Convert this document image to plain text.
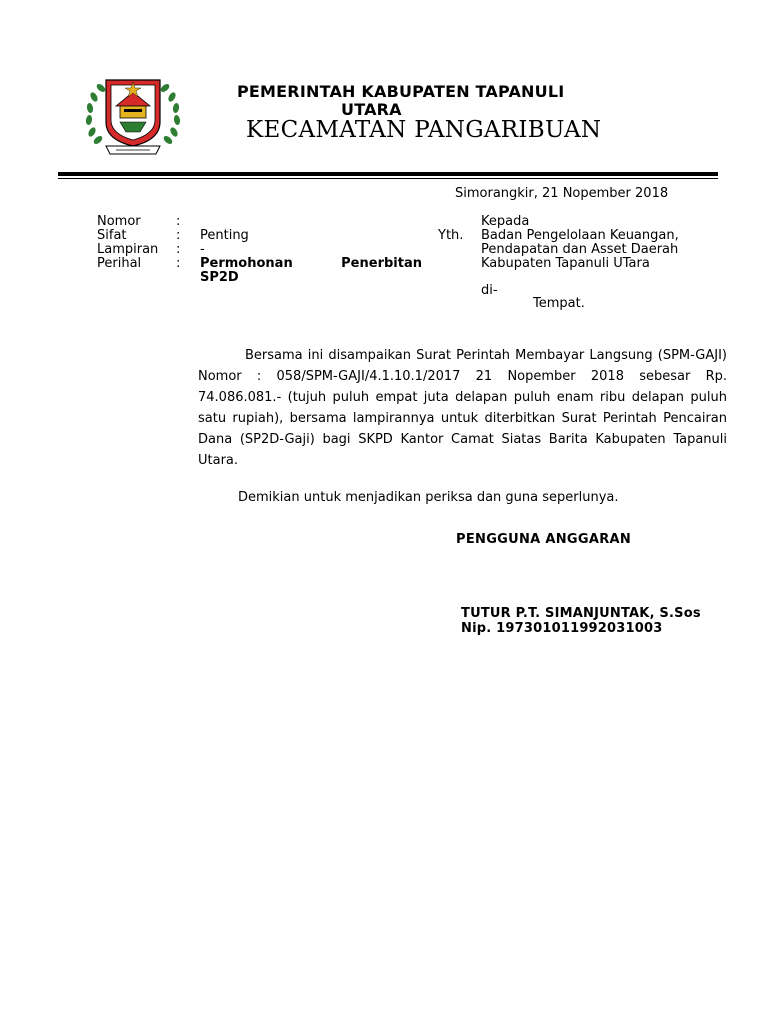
PEMERINTAH KABUPATEN TAPANULI
UTARA
KECAMATAN PANGARIBUAN
Simorangkir, 21 Nopember 2018
Nomor
Sifat
Lampiran
Perihal
:
:
:
:
Penting
-
Permohonan	Penerbitan
SP2D
Yth.
Kepada
Badan Pengelolaan Keuangan,
Pendapatan dan Asset Daerah
Kabupaten Tapanuli UTara
di-
Tempat.
Bersama ini disampaikan Surat Perintah Membayar Langsung (SPM-GAJI) Nomor : 058/SPM-GAJI/4.1.10.1/2017 21 Nopember 2018 sebesar Rp. 74.086.081.- (tujuh puluh empat juta delapan puluh enam ribu delapan puluh satu rupiah), bersama lampirannya untuk diterbitkan Surat Perintah Pencairan Dana (SP2D-Gaji) bagi SKPD Kantor Camat Siatas Barita Kabupaten Tapanuli Utara.
Demikian untuk menjadikan periksa dan guna seperlunya.
PENGGUNA ANGGARAN
TUTUR P.T. SIMANJUNTAK, S.Sos
Nip. 197301011992031003
